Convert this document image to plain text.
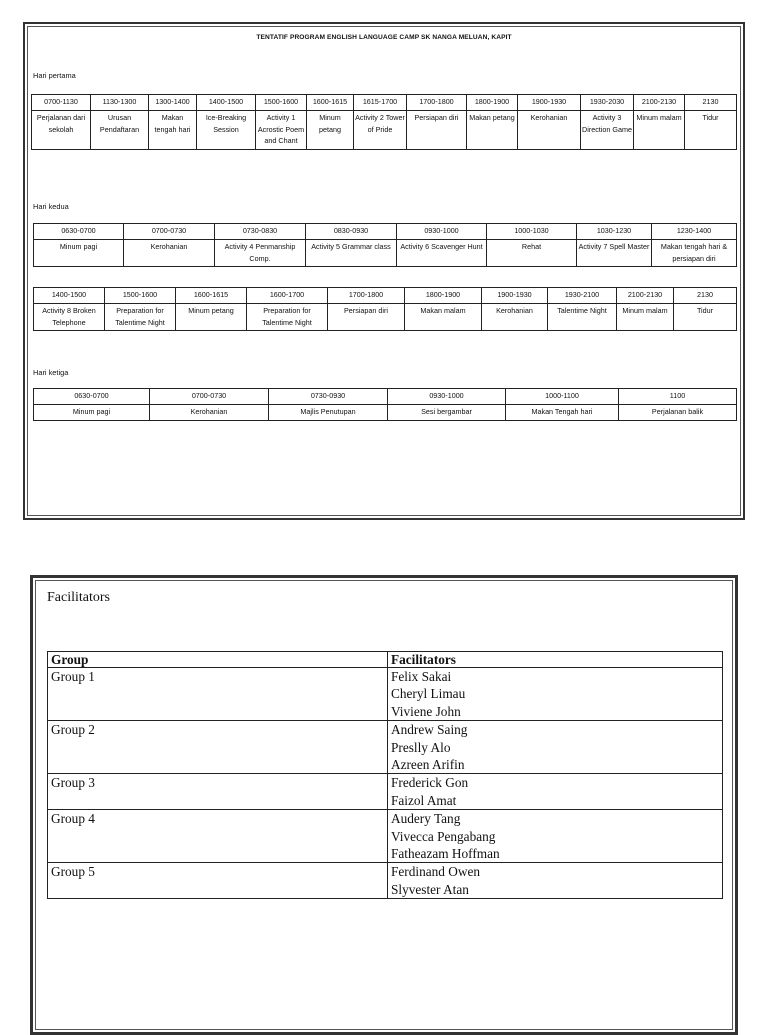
TENTATIF PROGRAM ENGLISH LANGUAGE CAMP SK NANGA MELUAN, KAPIT
Hari pertama
0700-1130	1130-1300	1300-1400	1400-1500	1500-1600	1600-1615	1615-1700	1700-1800	1800-1900	1900-1930	1930-2030	2100-2130	2130
Perjalanan dari sekolah	Urusan Pendaftaran	Makan tengah hari	Ice-Breaking Session	Activity 1 Acrostic Poem and Chant	Minum petang	Activity 2 Tower of Pride	Persiapan diri	Makan petang	Kerohanian	Activity 3 Direction Game	Minum malam	Tidur
Hari kedua
0630-0700	0700-0730	0730-0830	0830-0930	0930-1000	1000-1030	1030-1230	1230-1400
Minum pagi	Kerohanian	Activity 4 Penmanship Comp.	Activity 5 Grammar class	Activity 6 Scavenger Hunt	Rehat	Activity 7 Spell Master	Makan tengah hari & persiapan diri
1400-1500	1500-1600	1600-1615	1600-1700	1700-1800	1800-1900	1900-1930	1930-2100	2100-2130	2130
Activity 8 Broken Telephone	Preparation for Talentime Night	Minum petang	Preparation for Talentime Night	Persiapan diri	Makan malam	Kerohanian	Talentime Night	Minum malam	Tidur
Hari ketiga
0630-0700	0700-0730	0730-0930	0930-1000	1000-1100	1100
Minum pagi	Kerohanian	Majlis Penutupan	Sesi bergambar	Makan Tengah hari	Perjalanan balik
Facilitators
Group	Facilitators
Group 1	Felix Sakai
Cheryl Limau
Viviene John

Group 2	Andrew Saing
Preslly Alo
Azreen Arifin

Group 3	Frederick Gon
Faizol Amat

Group 4	Audery Tang
Vivecca Pengabang
Fatheazam Hoffman

Group 5	Ferdinand Owen
Slyvester Atan
